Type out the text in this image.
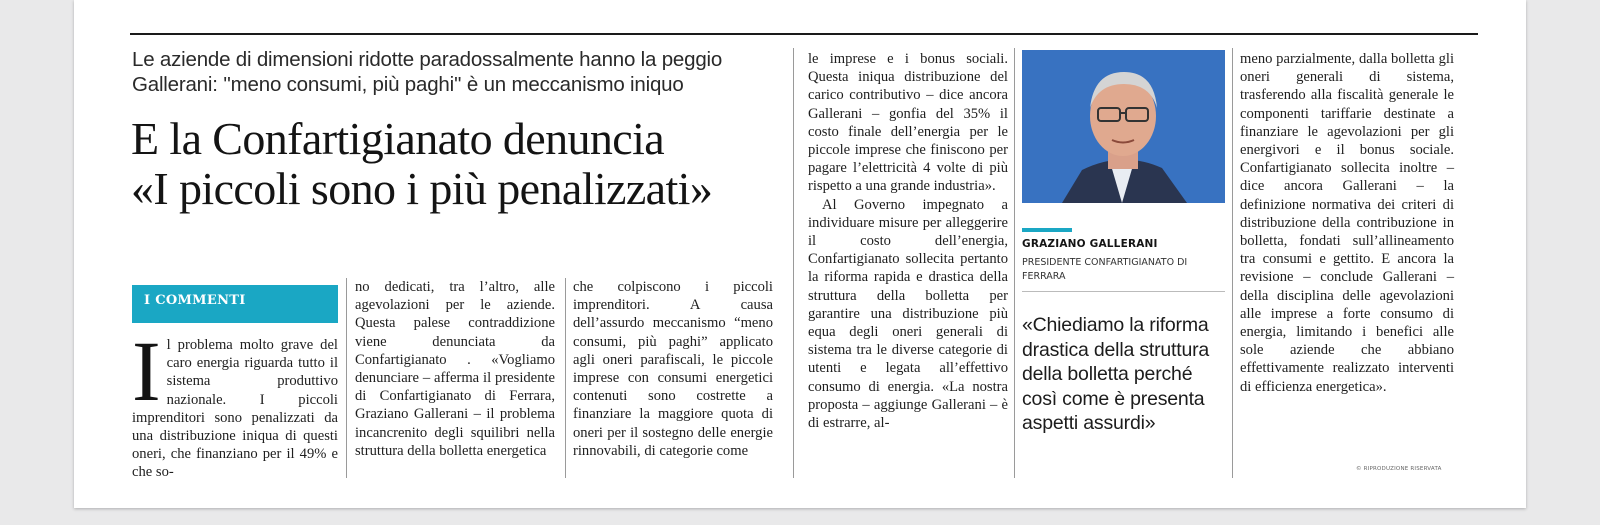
Le aziende di dimensioni ridotte paradossalmente hanno la peggio
Gallerani: ''meno consumi, più paghi'' è un meccanismo iniquo
E la Confartigianato denuncia
«I piccoli sono i più penalizzati»
I COMMENTI
I l problema molto grave del caro energia riguarda tutto il sistema produttivo nazionale. I piccoli imprenditori sono penalizzati da una distribuzione iniqua di questi oneri, che finanziano per il 49% e che so-

no dedicati, tra l’altro, alle agevolazioni per le aziende. Questa palese contraddizione viene denunciata da Confartigianato . «Vogliamo denunciare – afferma il presidente di Confartigianato di Ferrara, Graziano Gallerani – il problema incancrenito degli squilibri nella struttura della bolletta energetica

che colpiscono i piccoli imprenditori. A causa dell’assurdo meccanismo “meno consumi, più paghi” applicato agli oneri parafiscali, le piccole imprese con consumi energetici contenuti sono costrette a finanziare la maggiore quota di oneri per il sostegno delle energie rinnovabili, di categorie come

le imprese e i bonus sociali. Questa iniqua distribuzione del carico contributivo – dice ancora Gallerani – gonfia del 35% il costo finale dell’energia per le piccole imprese che finiscono per pagare l’elettricità 4 volte di più rispetto a una grande industria».

Al Governo impegnato a individuare misure per alleggerire il costo dell’energia, Confartigianato sollecita pertanto la riforma rapida e drastica della struttura della bolletta per garantire una distribuzione più equa degli oneri generali di sistema tra le diverse categorie di utenti e legata all’effettivo consumo di energia. «La nostra proposta – aggiunge Gallerani – è di estrarre, al-

meno parzialmente, dalla bolletta gli oneri generali di sistema, trasferendo alla fiscalità generale le componenti tariffarie destinate a finanziare le agevolazioni per gli energivori e il bonus sociale. Confartigianato sollecita inoltre – dice ancora Gallerani – la definizione normativa dei criteri di distribuzione della contribuzione in bolletta, fondati sull’allineamento tra consumi e gettito. E ancora la revisione – conclude Gallerani – della disciplina delle agevolazioni alle imprese a forte consumo di energia, limitando i benefici alle sole aziende che abbiano effettivamente realizzato interventi di efficienza energetica».

GRAZIANO GALLERANI
PRESIDENTE CONFARTIGIANATO DI FERRARA
«Chiediamo la riforma drastica della struttura della bolletta perché così come è presenta aspetti assurdi»
© RIPRODUZIONE RISERVATA
